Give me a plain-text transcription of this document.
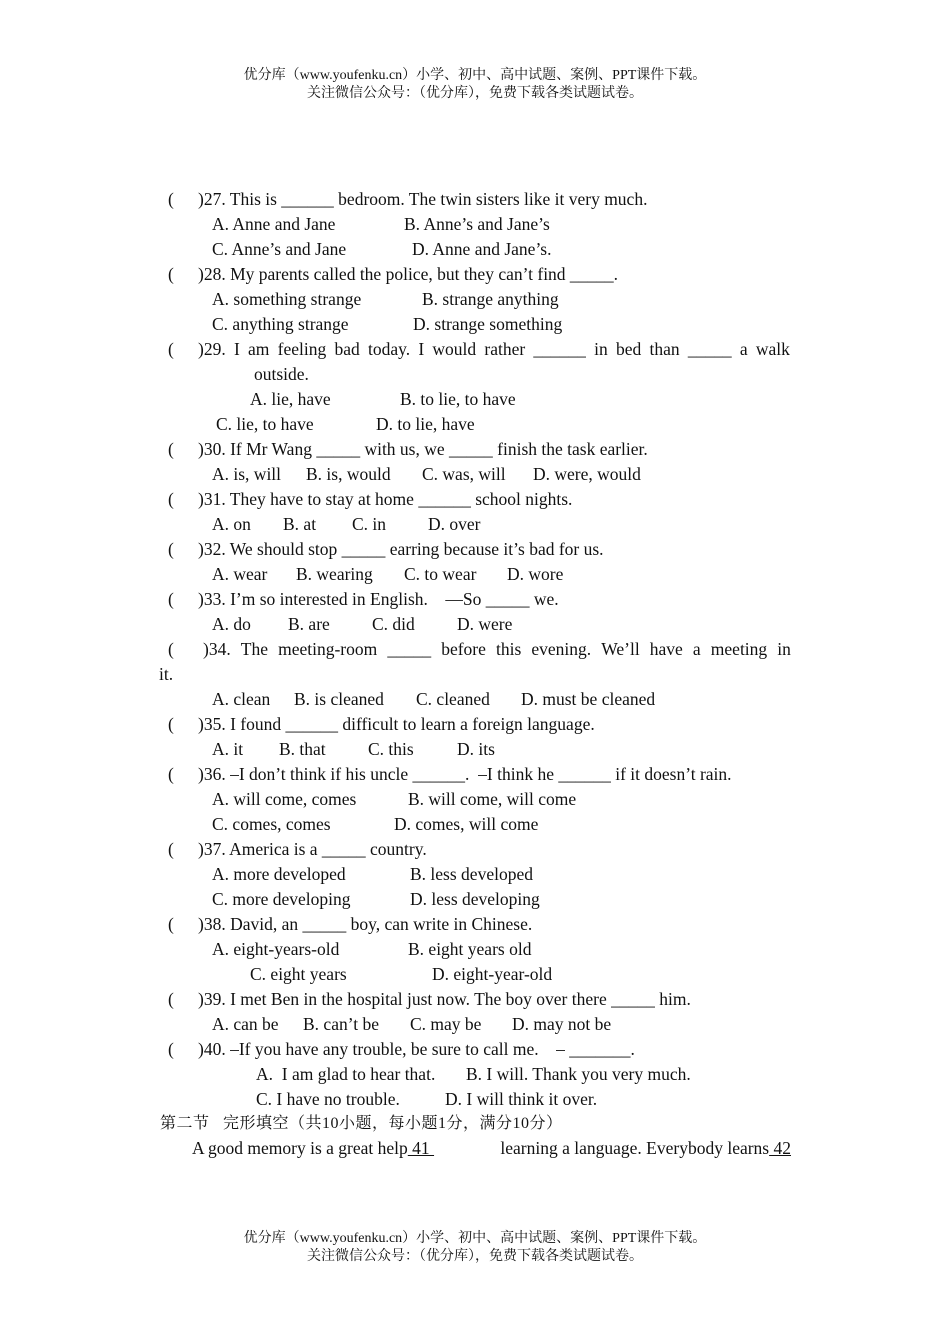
优分库（www.youfenku.cn）小学、初中、高中试题、案例、PPT课件下载。
关注微信公众号：（优分库），免费下载各类试题试卷。
( )27. This is ______ bedroom. The twin sisters like it very much.
A. Anne and Jane	B. Anne’s and Jane’s
C. Anne’s and Jane	D. Anne and Jane’s.
( )28. My parents called the police, but they can’t find _____.
A. something strange	B. strange anything
C. anything strange	D. strange something
( )29. I am feeling bad today. I would rather ______ in bed than _____ a walk
outside.
A. lie, have	B. to lie, to have
C. lie, to have	D. to lie, have
( )30. If Mr Wang _____ with us, we _____ finish the task earlier.
A. is, will B. is, would C. was, will D. were, would
( )31. They have to stay at home ______ school nights.
A. on B. at C. in D. over
( )32. We should stop _____ earring because it’s bad for us.
A. wear B. wearing C. to wear D. wore
( )33. I’m so interested in English.    —So _____ we.
A. do B. are C. did D. were
( )34. The meeting-room _____ before this evening. We’ll have a meeting in
it.
A. clean B. is cleaned C. cleaned D. must be cleaned
( )35. I found ______ difficult to learn a foreign language.
A. it B. that C. this D. its
( )36. –I don’t think if his uncle ______.  –I think he ______ if it doesn’t rain.
A. will come, comes	B. will come, will come
C. comes, comes	D. comes, will come
( )37. America is a _____ country.
A. more developed	B. less developed
C. more developing	D. less developing
( )38. David, an _____ boy, can write in Chinese.
A. eight-years-old	B. eight years old
C. eight years	D. eight-year-old
( )39. I met Ben in the hospital just now. The boy over there _____ him.
A. can be B. can’t be C. may be D. may not be
( )40. –If you have any trouble, be sure to call me.    – _______.
A.  I am glad to hear that. B. I will. Thank you very much.
C. I have no trouble.	D. I will think it over.
第二节   完形填空（共10小题，每小题1分，满分10分）
A good memory is a great help 41	learning a language. Everybody learns 42
优分库（www.youfenku.cn）小学、初中、高中试题、案例、PPT课件下载。
关注微信公众号：（优分库），免费下载各类试题试卷。
